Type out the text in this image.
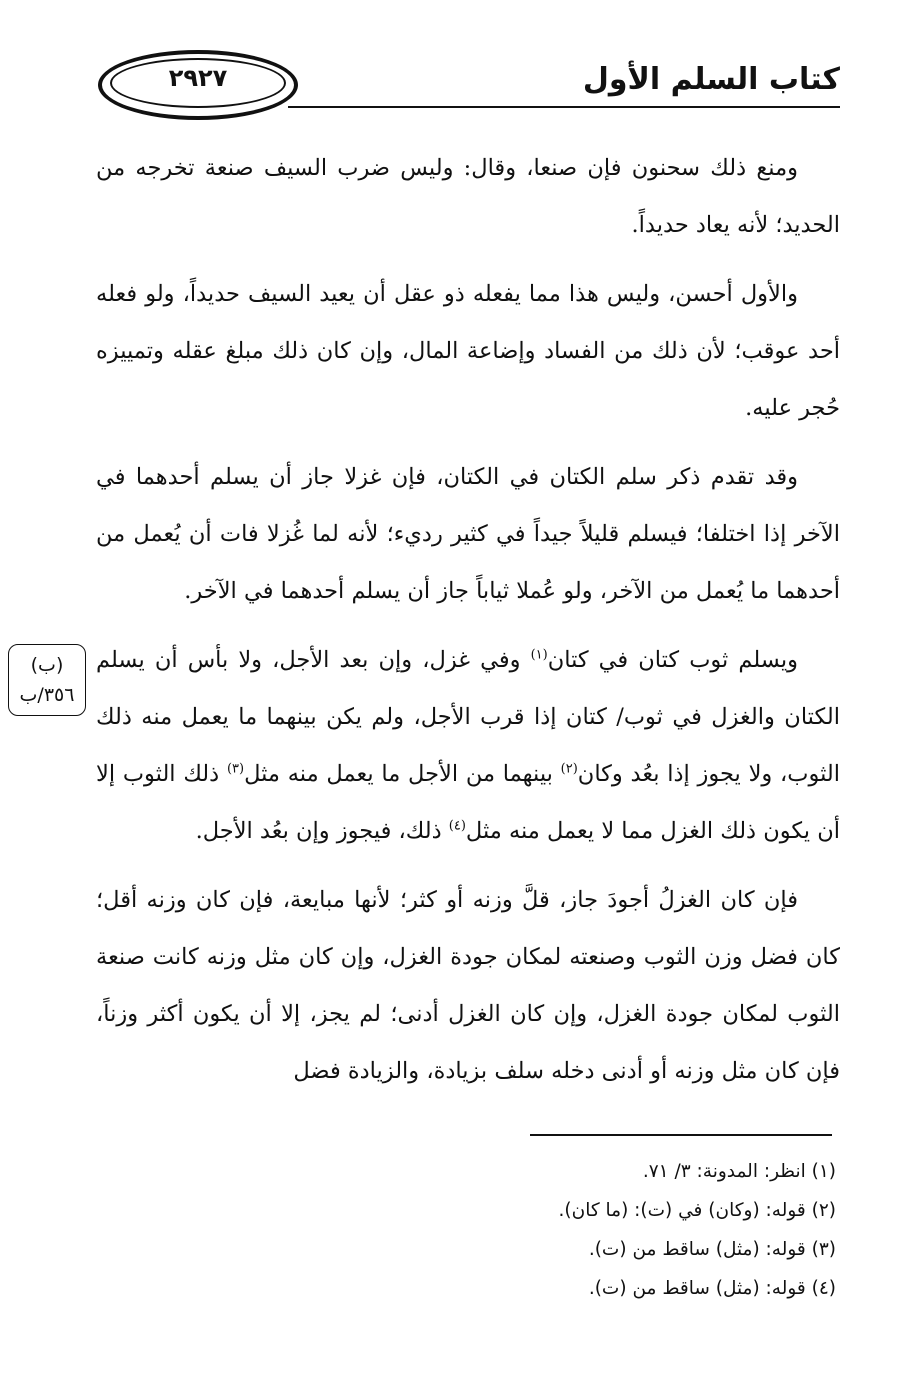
٢٩٢٧	كتاب السلم الأول
(ب)
٣٥٦/ب

ومنع ذلك سحنون فإن صنعا، وقال: وليس ضرب السيف صنعة تخرجه من الحديد؛ لأنه يعاد حديداً.

والأول أحسن، وليس هذا مما يفعله ذو عقل أن يعيد السيف حديداً، ولو فعله أحد عوقب؛ لأن ذلك من الفساد وإضاعة المال، وإن كان ذلك مبلغ عقله وتمييزه حُجر عليه.

وقد تقدم ذكر سلم الكتان في الكتان، فإن غزلا جاز أن يسلم أحدهما في الآخر إذا اختلفا؛ فيسلم قليلاً جيداً في كثير رديء؛ لأنه لما غُزلا فات أن يُعمل من أحدهما ما يُعمل من الآخر، ولو عُملا ثياباً جاز أن يسلم أحدهما في الآخر.

ويسلم ثوب كتان في كتان$^{(١)}$ وفي غزل، وإن بعد الأجل، ولا بأس أن يسلم الكتان والغزل في ثوب/ كتان إذا قرب الأجل، ولم يكن بينهما ما يعمل منه ذلك الثوب، ولا يجوز إذا بعُد وكان$^{(٢)}$ بينهما من الأجل ما يعمل منه مثل$^{(٣)}$ ذلك الثوب إلا أن يكون ذلك الغزل مما لا يعمل منه مثل$^{(٤)}$ ذلك، فيجوز وإن بعُد الأجل.

فإن كان الغزلُ أجودَ جاز، قلَّ وزنه أو كثر؛ لأنها مبايعة، فإن كان وزنه أقل؛ كان فضل وزن الثوب وصنعته لمكان جودة الغزل، وإن كان مثل وزنه كانت صنعة الثوب لمكان جودة الغزل، وإن كان الغزل أدنى؛ لم يجز، إلا أن يكون أكثر وزناً، فإن كان مثل وزنه أو أدنى دخله سلف بزيادة، والزيادة فضل

(١) انظر: المدونة: ٣/ ٧١.
(٢) قوله: (وكان) في (ت): (ما كان).
(٣) قوله: (مثل) ساقط من (ت).
(٤) قوله: (مثل) ساقط من (ت).
